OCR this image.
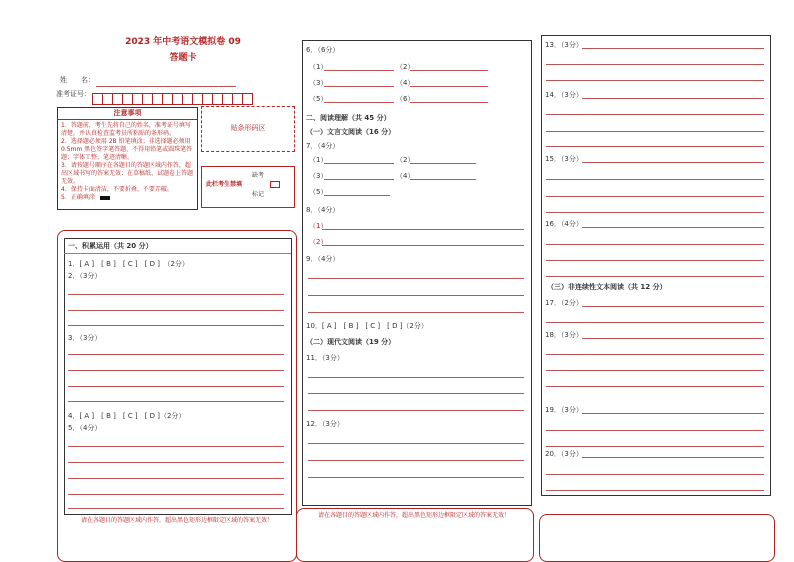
2023 年中考语文模拟卷 09
答题卡
姓　　名：
准考证号：
注意事项
1．答题前，考生先将自己的姓名，准考证号填写清楚，并认真检查监考员所粘贴的条形码。
2．选择题必须用 2B 铅笔填涂；非选择题必须用 0.5mm 黑色签字笔答题，不得用铅笔或圆珠笔答题；字体工整、笔迹清晰。
3．请按题号顺序在各题目的答题区域内作答，超出区域书写的答案无效；在草稿纸、试题卷上答题无效。
4．保持卡面清洁，不要折叠、不要弄破。
5．正确填涂
贴条形码区
此栏考生禁填
缺考
标记
一、积累运用（共 20 分）
1．[ A ]　[ B ]　[ C ]　[ D ]　（2分）
2．（3分）
3．（3分）
4．[ A ]　[ B ]　[ C ]　[ D ]（2分）
5．（4分）
请在各题目的答题区域内作答，超出黑色矩形边框限定区域的答案无效！
6．（6分）
（1）	（2）
（3）	（4）
（5）	（6）
二、阅读理解（共 45 分）
（一）文言文阅读（16 分）
7．（4分）
（1）	（2）
（3）	（4）
（5）
8．（4分）
（1）
（2）
9．（4分）
10．[ A ]　[ B ]　[ C ]　[ D ]（2分）
（二）现代文阅读（19 分）
11．（3分）
12．（3分）
请在各题目的答题区域内作答，超出黑色矩形边框限定区域的答案无效！
13．（3分）
14．（3分）
15．（3分）
16．（4分）
（三）非连续性文本阅读（共 12 分）
17．（2分）
18．（3分）
19．（3分）
20．（3分）
